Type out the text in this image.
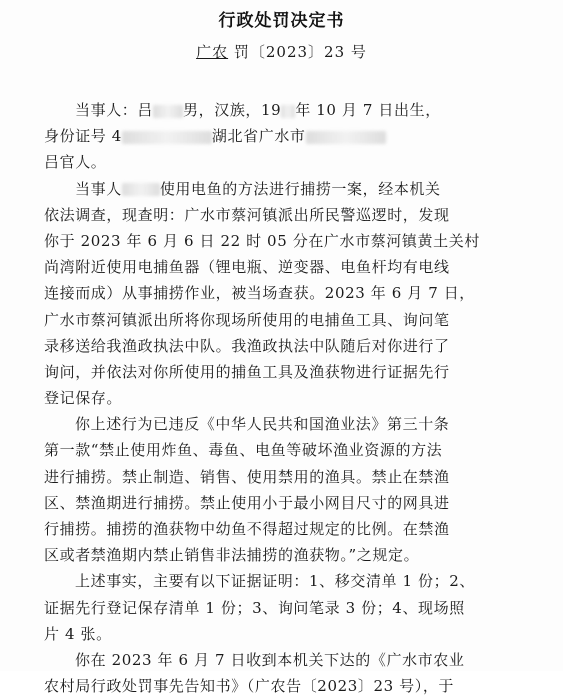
行政处罚决定书
广农 罚〔2023〕23 号
当事人：吕 男，汉族，19 年 10 月 7 日出生，
身份证号 4	湖北省广水市
吕官人。
当事人	使用电鱼的方法进行捕捞一案，经本机关
依法调查，现查明：广水市蔡河镇派出所民警巡逻时，发现
你于 2023 年 6 月 6 日 22 时 05 分在广水市蔡河镇黄土关村
尚湾附近使用电捕鱼器（锂电瓶、逆变器、电鱼杆均有电线
连接而成）从事捕捞作业，被当场查获。2023 年 6 月 7 日，
广水市蔡河镇派出所将你现场所使用的电捕鱼工具、询问笔
录移送给我渔政执法中队。我渔政执法中队随后对你进行了
询问，并依法对你所使用的捕鱼工具及渔获物进行证据先行
登记保存。
你上述行为已违反《中华人民共和国渔业法》第三十条
第一款“禁止使用炸鱼、毒鱼、电鱼等破坏渔业资源的方法
进行捕捞。禁止制造、销售、使用禁用的渔具。禁止在禁渔
区、禁渔期进行捕捞。禁止使用小于最小网目尺寸的网具进
行捕捞。捕捞的渔获物中幼鱼不得超过规定的比例。在禁渔
区或者禁渔期内禁止销售非法捕捞的渔获物。”之规定。
上述事实，主要有以下证据证明：1、移交清单 1 份；2、
证据先行登记保存清单 1 份；3、询问笔录 3 份；4、现场照
片 4 张。
你在 2023 年 6 月 7 日收到本机关下达的《广水市农业
农村局行政处罚事先告知书》（广农告〔2023〕23 号），于
